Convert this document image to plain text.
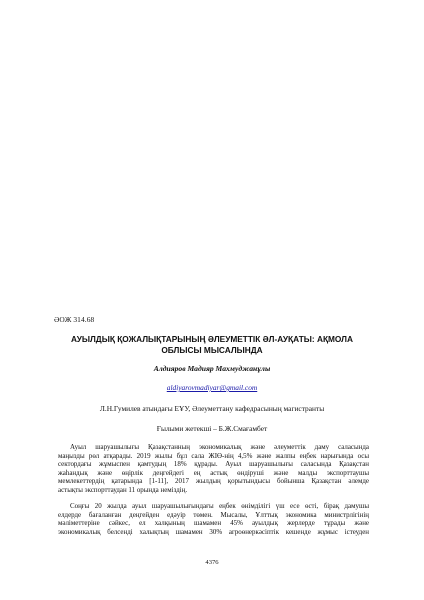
ӘОЖ 314.68
АУЫЛДЫҚ ҚОЖАЛЫҚТАРЫНЫҢ ӘЛЕУМЕТТІК ӘЛ-АУҚАТЫ: АҚМОЛА
ОБЛЫСЫ МЫСАЛЫНДА
Алдияров Мадияр Махмуджанұлы
aldiyarovmadiyar@gmail.com
Л.Н.Гумилев атындағы ЕҰУ, Әлеуметтану кафедрасының магистранты
Ғылыми жетекші – Б.Ж.Смағамбет
Ауыл шаруашылығы Қазақстанның экономикалық және әлеуметтік даму саласында
маңызды рөл атқарады. 2019 жылы бұл сала ЖІӨ-нің 4,5% және жалпы еңбек нарығында осы
сектордағы жұмыспен қамтудың 18% құрады. Ауыл шаруашылығы саласында Қазақстан
жаһандық және өңірлік деңгейдегі ең астық өндіруші және малды экспорттаушы
мемлекеттердің қатарында [1-11], 2017 жылдың қорытындысы бойынша Қазақстан әлемде
астықты экспорттаудан 11 орында неміздің.
Соңғы 20 жылда ауыл шаруашылығындағы еңбек өнімділігі үш есе өсті, бірақ дамушы
елдерде бағаланған деңгейден едәуір төмен. Мысалы, Ұлттық экономика министрлігінің
мәліметтеріне сәйкес, ел халқының шамамен 45% ауылдық жерлерде тұрады және
экономикалық белсенді халықтың шамамен 30% агроөнеркәсіптік кешенде жұмыс істеуден
4376
